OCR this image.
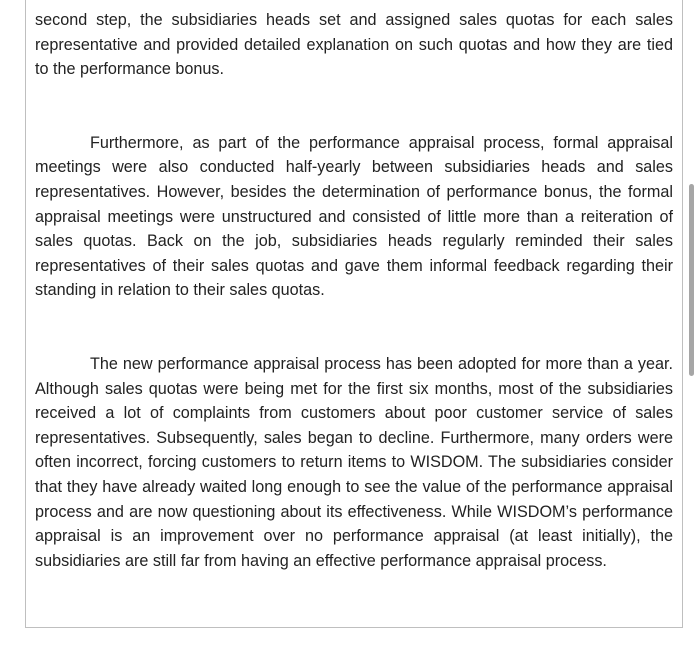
second step, the subsidiaries heads set and assigned sales quotas for each sales representative and provided detailed explanation on such quotas and how they are tied to the performance bonus.

Furthermore, as part of the performance appraisal process, formal appraisal meetings were also conducted half-yearly between subsidiaries heads and sales representatives. However, besides the determination of performance bonus, the formal appraisal meetings were unstructured and consisted of little more than a reiteration of sales quotas. Back on the job, subsidiaries heads regularly reminded their sales representatives of their sales quotas and gave them informal feedback regarding their standing in relation to their sales quotas.

The new performance appraisal process has been adopted for more than a year. Although sales quotas were being met for the first six months, most of the subsidiaries received a lot of complaints from customers about poor customer service of sales representatives. Subsequently, sales began to decline. Furthermore, many orders were often incorrect, forcing customers to return items to WISDOM. The subsidiaries consider that they have already waited long enough to see the value of the performance appraisal process and are now questioning about its effectiveness. While WISDOM’s performance appraisal is an improvement over no performance appraisal (at least initially), the subsidiaries are still far from having an effective performance appraisal process.
